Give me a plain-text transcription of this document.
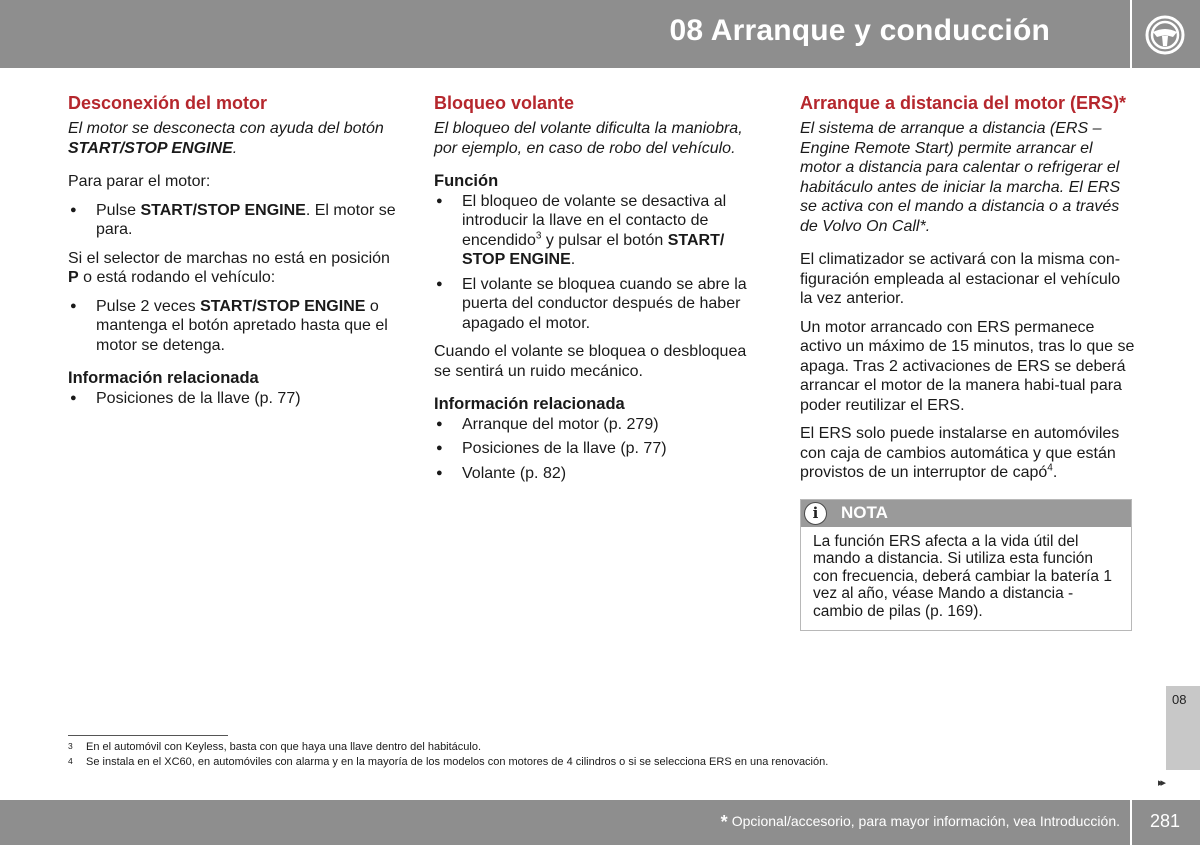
08 Arranque y conducción
Desconexión del motor
El motor se desconecta con ayuda del botón START/STOP ENGINE.

Para parar el motor:

● Pulse START/STOP ENGINE. El motor se para.

Si el selector de marchas no está en posición P o está rodando el vehículo:

● Pulse 2 veces START/STOP ENGINE o mantenga el botón apretado hasta que el motor se detenga.
Información relacionada
● Posiciones de la llave (p. 77)
Bloqueo volante
El bloqueo del volante dificulta la maniobra, por ejemplo, en caso de robo del vehículo.
Función
● El bloqueo de volante se desactiva al introducir la llave en el contacto de encendido$^3$ y pulsar el botón START/ STOP ENGINE.
● El volante se bloquea cuando se abre la puerta del conductor después de haber apagado el motor.

Cuando el volante se bloquea o desbloquea se sentirá un ruido mecánico.

Información relacionada
● Arranque del motor (p. 279)
● Posiciones de la llave (p. 77)
● Volante (p. 82)
Arranque a distancia del motor (ERS)*
El sistema de arranque a distancia (ERS – Engine Remote Start) permite arrancar el motor a distancia para calentar o refrigerar el habitáculo antes de iniciar la marcha. El ERS se activa con el mando a distancia o a través de Volvo On Call*.

El climatizador se activará con la misma con-figuración empleada al estacionar el vehículo la vez anterior.

Un motor arrancado con ERS permanece activo un máximo de 15 minutos, tras lo que se apaga. Tras 2 activaciones de ERS se deberá arrancar el motor de la manera habi-tual para poder reutilizar el ERS.

El ERS solo puede instalarse en automóviles con caja de cambios automática y que están provistos de un interruptor de capó$^4$.

i	NOTA
La función ERS afecta a la vida útil del mando a distancia. Si utiliza esta función con frecuencia, deberá cambiar la batería 1 vez al año, véase Mando a distancia - cambio de pilas (p. 169).
08
▸▸
3 En el automóvil con Keyless, basta con que haya una llave dentro del habitáculo.
4 Se instala en el XC60, en automóviles con alarma y en la mayoría de los modelos con motores de 4 cilindros o si se selecciona ERS en una renovación.
* Opcional/accesorio, para mayor información, vea Introducción. 281
